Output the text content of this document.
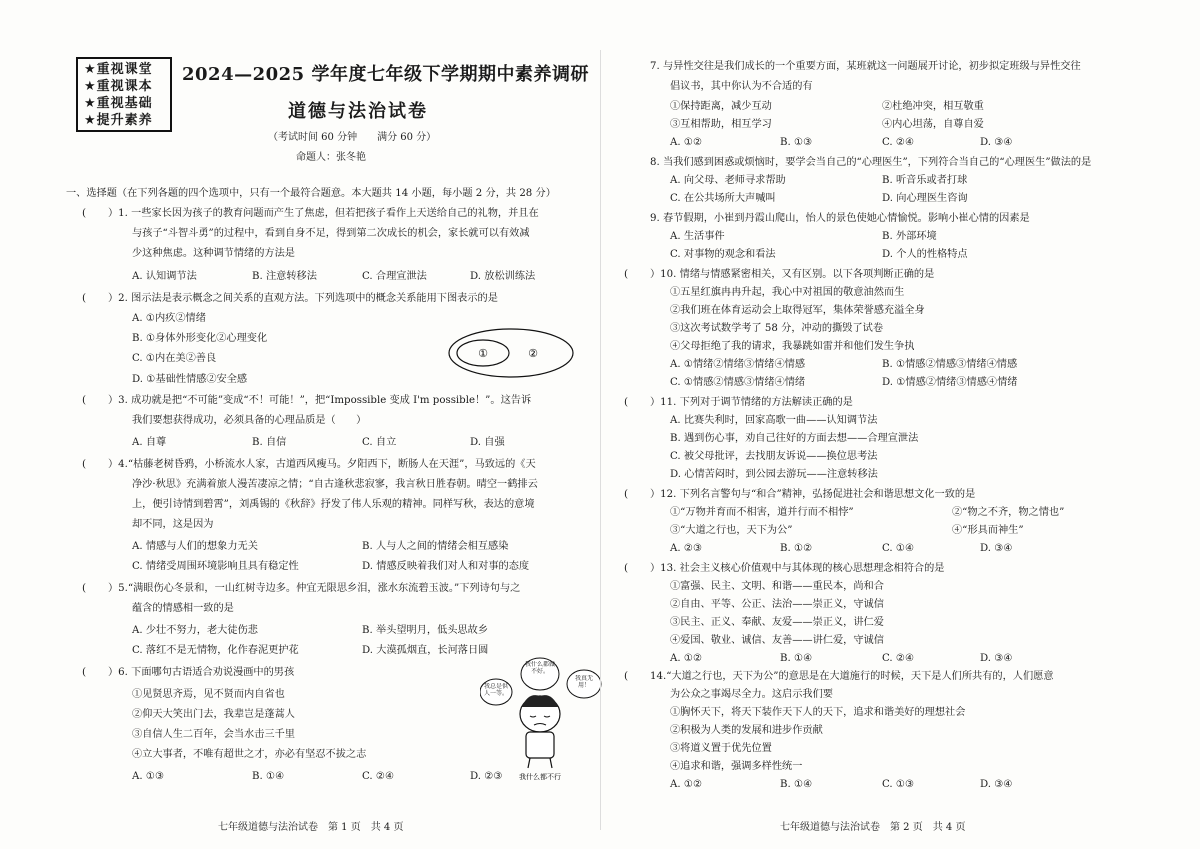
★重视课堂
★重视课本
★重视基础
★提升素养
2024—2025 学年度七年级下学期期中素养调研
道德与法治试卷
（考试时间 60 分钟　　满分 60 分）
命题人：张冬艳
一、选择题（在下列各题的四个选项中，只有一个最符合题意。本大题共 14 小题，每小题 2 分，共 28 分）
( ）1. 一些家长因为孩子的教育问题而产生了焦虑，但若把孩子看作上天送给自己的礼物，并且在
与孩子“斗智斗勇”的过程中，看到自身不足，得到第二次成长的机会，家长就可以有效减
少这种焦虑。这种调节情绪的方法是
A. 认知调节法	B. 注意转移法	C. 合理宣泄法	D. 放松训练法
( ）2. 图示法是表示概念之间关系的直观方法。下列选项中的概念关系能用下图表示的是
A. ①内疚②情绪
B. ①身体外形变化②心理变化
C. ①内在美②善良
D. ①基础性情感②安全感
①	②
( ）3. 成功就是把“不可能”变成“不！可能！”，把“Impossible 变成 I'm possible！”。这告诉
我们要想获得成功，必须具备的心理品质是（　　）
A. 自尊	B. 自信	C. 自立	D. 自强
( ）4.“枯藤老树昏鸦，小桥流水人家，古道西风瘦马。夕阳西下，断肠人在天涯”，马致远的《天
净沙·秋思》充满着旅人漫苦凄凉之情；“自古逢秋悲寂寥，我言秋日胜春朝。晴空一鹤排云
上，便引诗情到碧霄”，刘禹锡的《秋辞》抒发了伟人乐观的精神。同样写秋，表达的意境
却不同，这是因为
A. 情感与人们的想象力无关	B. 人与人之间的情绪会相互感染
C. 情绪受周围环境影响且具有稳定性	D. 情感反映着我们对人和对事的态度
( ）5.“满眼伤心冬景和，一山红树寺边多。仲宜无限思乡泪，涨水东流碧玉波。”下列诗句与之
蕴含的情感相一致的是
A. 少壮不努力，老大徒伤悲	B. 举头望明月，低头思故乡
C. 落红不是无情物，化作春泥更护花	D. 大漠孤烟直，长河落日圆
( ）6. 下面哪句古语适合劝说漫画中的男孩
①见贤思齐焉，见不贤而内自省也
②仰天大笑出门去，我辈岂是蓬蒿人
③自信人生二百年，会当水击三千里
④立大事者，不唯有超世之才，亦必有坚忍不拔之志
A. ①③	B. ①④	C. ②④	D. ②③
我什么都做不好。
我总是供人一等。
我真无用！
我什么都不行
七年级道德与法治试卷　第 1 页　共 4 页
7. 与异性交往是我们成长的一个重要方面，某班就这一问题展开讨论，初步拟定班级与异性交往
倡议书，其中你认为不合适的有
①保持距离，减少互动	②杜绝冲突，相互敬重
③互相帮助，相互学习	④内心坦荡，自尊自爱
A. ①②	B. ①③	C. ②④	D. ③④
8. 当我们感到困惑或烦恼时，要学会当自己的“心理医生”，下列符合当自己的“心理医生”做法的是
A. 向父母、老师寻求帮助	B. 听音乐或者打球
C. 在公共场所大声喊叫	D. 向心理医生咨询
9. 春节假期，小崔到丹霞山爬山，怡人的景色使她心情愉悦。影响小崔心情的因素是
A. 生活事件	B. 外部环境
C. 对事物的观念和看法	D. 个人的性格特点
( ）10. 情绪与情感紧密相关，又有区别。以下各项判断正确的是
①五星红旗冉冉升起，我心中对祖国的敬意油然而生
②我们班在体育运动会上取得冠军，集体荣誉感充溢全身
③这次考试数学考了 58 分，冲动的撕毁了试卷
④父母拒绝了我的请求，我暴跳如雷并和他们发生争执
A. ①情绪②情绪③情绪④情感	B. ①情感②情感③情绪④情感
C. ①情感②情感③情绪④情绪	D. ①情感②情绪③情感④情绪
( ）11. 下列对于调节情绪的方法解读正确的是
A. 比赛失利时，回家高歌一曲——认知调节法
B. 遇到伤心事，劝自己往好的方面去想——合理宣泄法
C. 被父母批评，去找朋友诉说——换位思考法
D. 心情苦闷时，到公园去游玩——注意转移法
( ）12. 下列名言警句与“和合”精神，弘扬促进社会和谐思想文化一致的是
①“万物并育而不相害，道并行而不相悖”	②“物之不齐，物之情也”
③“大道之行也，天下为公”	④“形具而神生”
A. ②③	B. ①②	C. ①④	D. ③④
( ）13. 社会主义核心价值观中与其体现的核心思想理念相符合的是
①富强、民主、文明、和谐——重民本，尚和合
②自由、平等、公正、法治——崇正义，守诚信
③民主、正义、奉献、友爱——崇正义，讲仁爱
④爱国、敬业、诚信、友善——讲仁爱，守诚信
A. ①②	B. ①④	C. ②④	D. ③④
( 14.“大道之行也，天下为公”的意思是在大道施行的时候，天下是人们所共有的，人们愿意
为公众之事竭尽全力。这启示我们要
①胸怀天下，将天下装作天下人的天下，追求和谐美好的理想社会
②积极为人类的发展和进步作贡献
③将道义置于优先位置
④追求和谐，强调多样性统一
A. ①②	B. ①④	C. ①③	D. ③④
七年级道德与法治试卷　第 2 页　共 4 页
